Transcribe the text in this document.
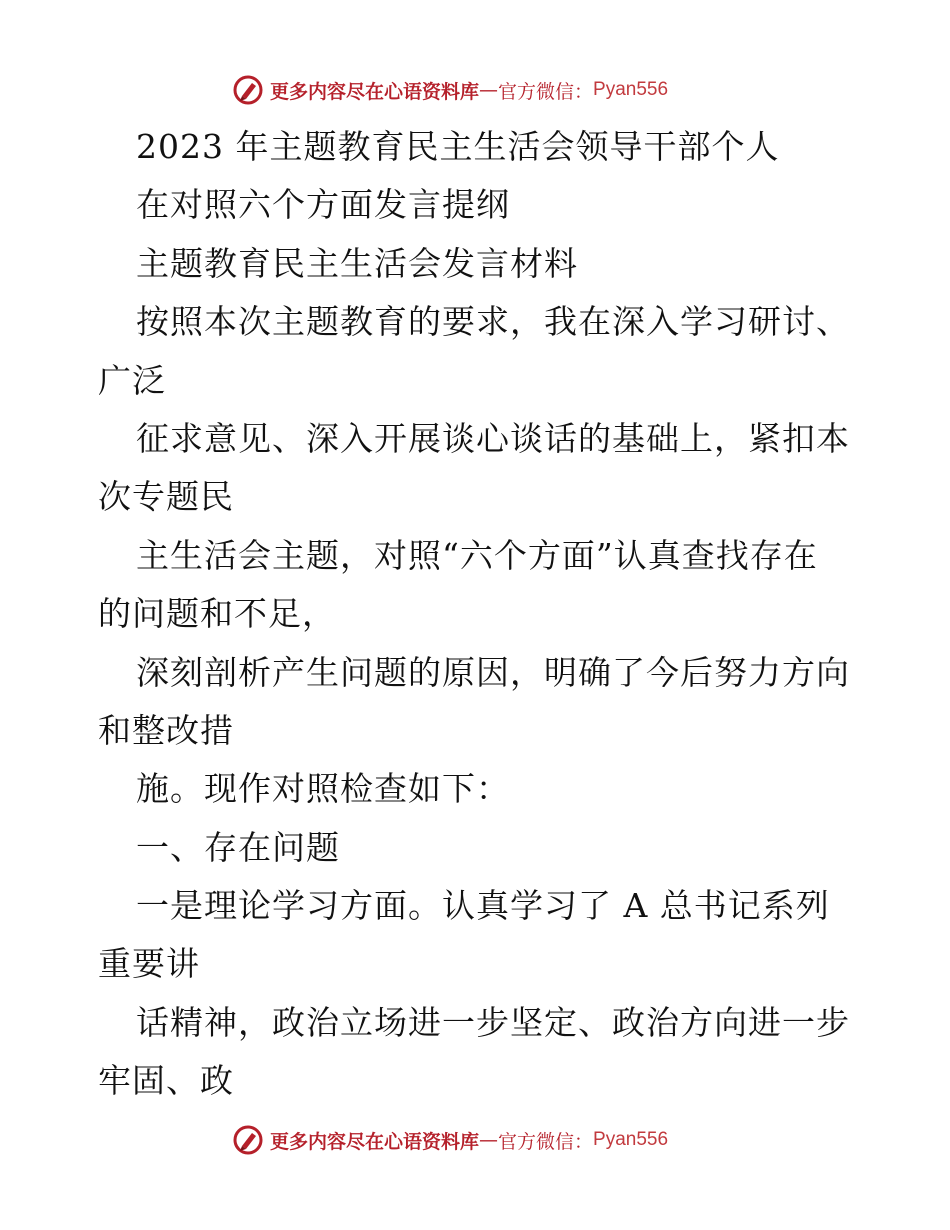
更多内容尽在心语资料库 — 官方微信： Pyan556
2023 年主题教育民主生活会领导干部个人
在对照六个方面发言提纲
主题教育民主生活会发言材料
按照本次主题教育的要求，我在深入学习研讨、
广泛
征求意见、深入开展谈心谈话的基础上，紧扣本
次专题民
主生活会主题，对照“六个方面”认真查找存在
的问题和不足，
深刻剖析产生问题的原因，明确了今后努力方向
和整改措
施。现作对照检查如下：
一、存在问题
一是理论学习方面。认真学习了 A 总书记系列
重要讲
话精神，政治立场进一步坚定、政治方向进一步
牢固、政
更多内容尽在心语资料库 — 官方微信： Pyan556
